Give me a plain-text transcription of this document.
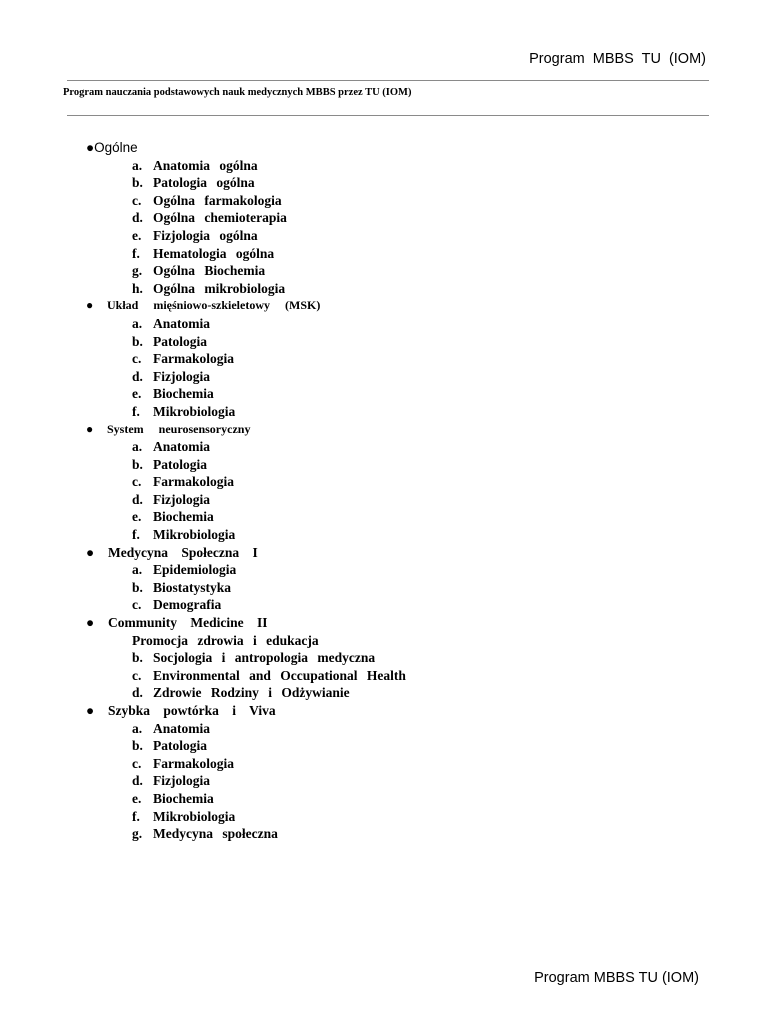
Program MBBS TU (IOM)
Program nauczania podstawowych nauk medycznych MBBS przez TU (IOM)
●Ogólne
a. Anatomia ogólna
b. Patologia ogólna
c. Ogólna farmakologia
d. Ogólna chemioterapia
e. Fizjologia ogólna
f. Hematologia ogólna
g. Ogólna Biochemia
h. Ogólna mikrobiologia
● Układ mięśniowo-szkieletowy (MSK)
a. Anatomia
b. Patologia
c. Farmakologia
d. Fizjologia
e. Biochemia
f. Mikrobiologia
● System neurosensoryczny
a. Anatomia
b. Patologia
c. Farmakologia
d. Fizjologia
e. Biochemia
f. Mikrobiologia
● Medycyna Społeczna I
a. Epidemiologia
b. Biostatystyka
c. Demografia
● Community Medicine II
Promocja zdrowia i edukacja
b. Socjologia i antropologia medyczna
c. Environmental and Occupational Health
d. Zdrowie Rodziny i Odżywianie
● Szybka powtórka i Viva
a. Anatomia
b. Patologia
c. Farmakologia
d. Fizjologia
e. Biochemia
f. Mikrobiologia
g. Medycyna społeczna
Program MBBS TU (IOM)
